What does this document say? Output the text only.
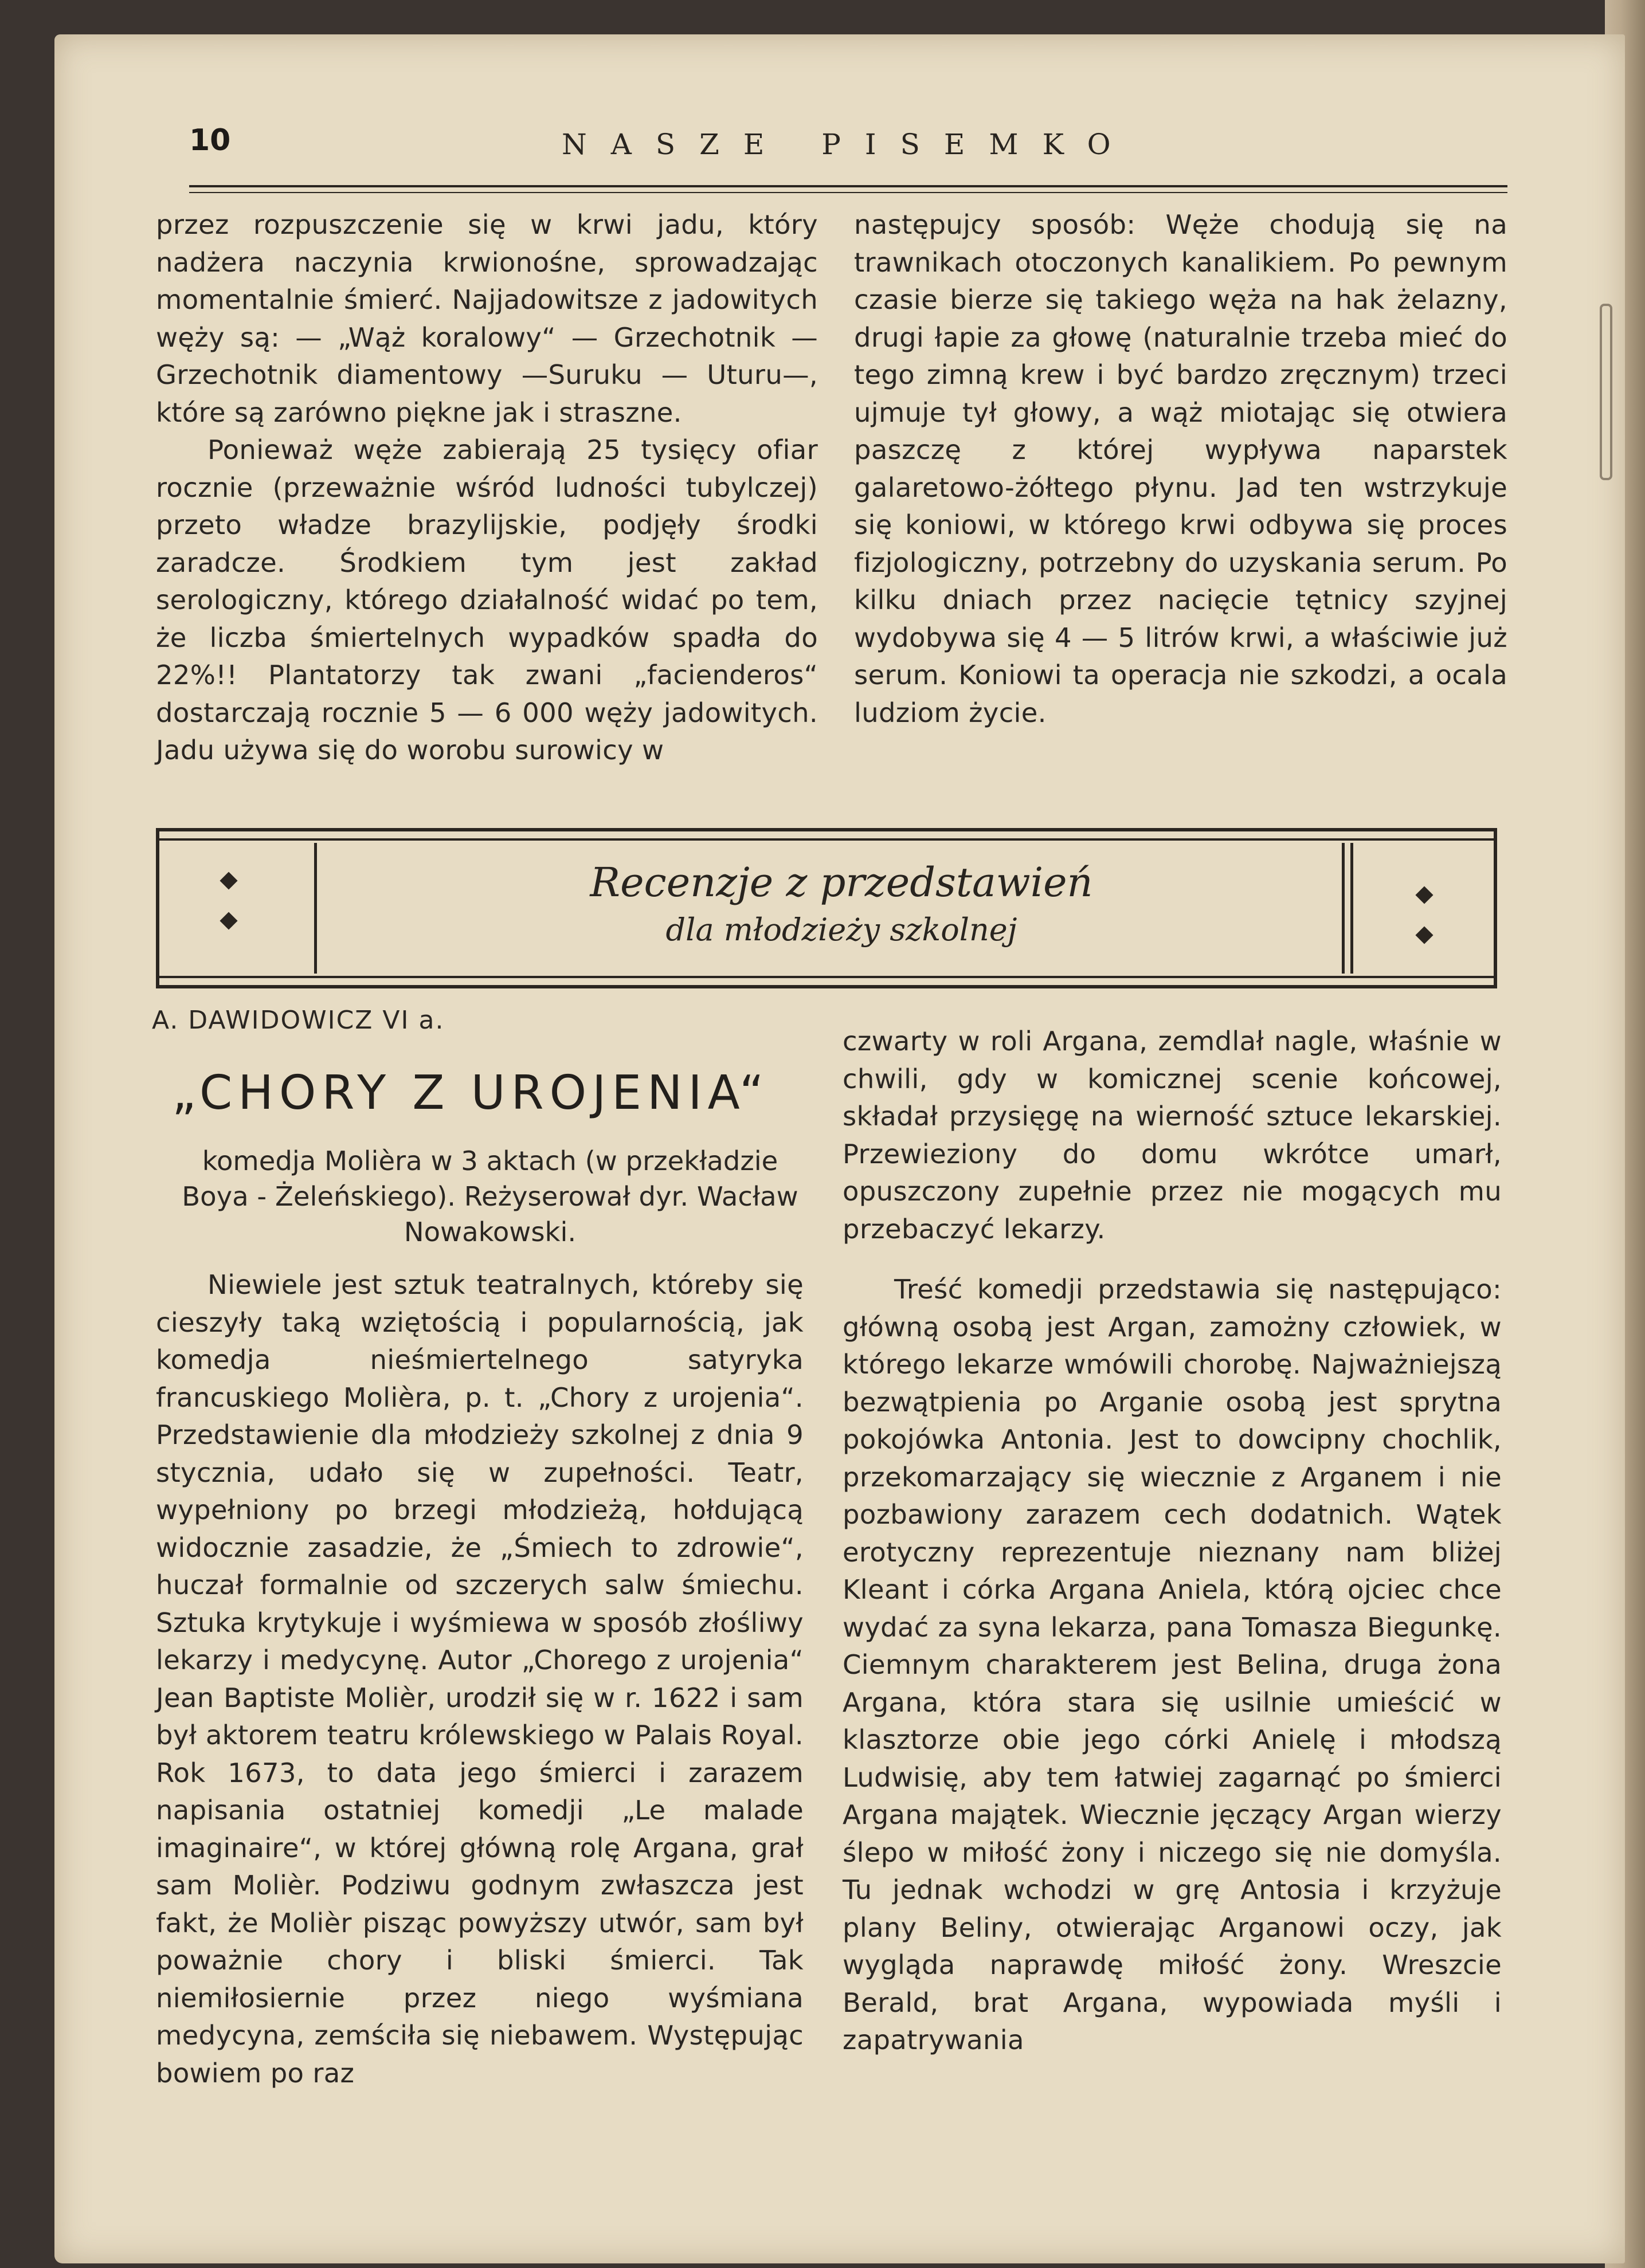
10	NASZE PISEMKO

przez rozpuszczenie się w krwi jadu, który nadżera naczynia krwionośne, sprowadzając momentalnie śmierć. Najjadowitsze z jadowitych węży są: — „Wąż koralowy“ — Grzechotnik — Grzechotnik diamentowy —Suruku — Uturu—, które są zarówno piękne jak i straszne.

Ponieważ węże zabierają 25 tysięcy ofiar rocznie (przeważnie wśród ludności tubylczej) przeto władze brazylijskie, podjęły środki zaradcze. Środkiem tym jest zakład serologiczny, którego działalność widać po tem, że liczba śmiertelnych wypadków spadła do 22%!! Plantatorzy tak zwani „facienderos“ dostarczają rocznie 5 — 6 000 węży jadowitych. Jadu używa się do worobu surowicy w

następujcy sposób: Węże chodują się na trawnikach otoczonych kanalikiem. Po pewnym czasie bierze się takiego węża na hak żelazny, drugi łapie za głowę (naturalnie trzeba mieć do tego zimną krew i być bardzo zręcznym) trzeci ujmuje tył głowy, a wąż miotając się otwiera paszczę z której wypływa naparstek galaretowo-żółtego płynu. Jad ten wstrzykuje się koniowi, w którego krwi odbywa się proces fizjologiczny, potrzebny do uzyskania serum. Po kilku dniach przez nacięcie tętnicy szyjnej wydobywa się 4 — 5 litrów krwi, a właściwie już serum. Koniowi ta operacja nie szkodzi, a ocala ludziom życie.

Recenzje z przedstawień
dla młodzieży szkolnej
A. DAWIDOWICZ VI a.
„CHORY Z UROJENIA“
komedja Molièra w 3 aktach (w przekładzie Boya - Żeleńskiego). Reżyserował dyr. Wacław Nowakowski.

Niewiele jest sztuk teatralnych, któreby się cieszyły taką wziętością i popularnością, jak komedja nieśmiertelnego satyryka francuskiego Molièra, p. t. „Chory z urojenia“. Przedstawienie dla młodzieży szkolnej z dnia 9 stycznia, udało się w zupełności. Teatr, wypełniony po brzegi młodzieżą, hołdującą widocznie zasadzie, że „Śmiech to zdrowie“, huczał formalnie od szczerych salw śmiechu. Sztuka krytykuje i wyśmiewa w sposób złośliwy lekarzy i medycynę. Autor „Chorego z urojenia“ Jean Baptiste Molièr, urodził się w r. 1622 i sam był aktorem teatru królewskiego w Palais Royal. Rok 1673, to data jego śmierci i zarazem napisania ostatniej komedji „Le malade imaginaire“, w której główną rolę Argana, grał sam Molièr. Podziwu godnym zwłaszcza jest fakt, że Molièr pisząc powyższy utwór, sam był poważnie chory i bliski śmierci. Tak niemiłosiernie przez niego wyśmiana medycyna, zemściła się niebawem. Występując bowiem po raz

czwarty w roli Argana, zemdlał nagle, właśnie w chwili, gdy w komicznej scenie końcowej, składał przysięgę na wierność sztuce lekarskiej. Przewieziony do domu wkrótce umarł, opuszczony zupełnie przez nie mogących mu przebaczyć lekarzy.

Treść komedji przedstawia się następująco: główną osobą jest Argan, zamożny człowiek, w którego lekarze wmówili chorobę. Najważniejszą bezwątpienia po Arganie osobą jest sprytna pokojówka Antonia. Jest to dowcipny chochlik, przekomarzający się wiecznie z Arganem i nie pozbawiony zarazem cech dodatnich. Wątek erotyczny reprezentuje nieznany nam bliżej Kleant i córka Argana Aniela, którą ojciec chce wydać za syna lekarza, pana Tomasza Biegunkę. Ciemnym charakterem jest Belina, druga żona Argana, która stara się usilnie umieścić w klasztorze obie jego córki Anielę i młodszą Ludwisię, aby tem łatwiej zagarnąć po śmierci Argana majątek. Wiecznie jęczący Argan wierzy ślepo w miłość żony i niczego się nie domyśla. Tu jednak wchodzi w grę Antosia i krzyżuje plany Beliny, otwierając Arganowi oczy, jak wygląda naprawdę miłość żony. Wreszcie Berald, brat Argana, wypowiada myśli i zapatrywania
